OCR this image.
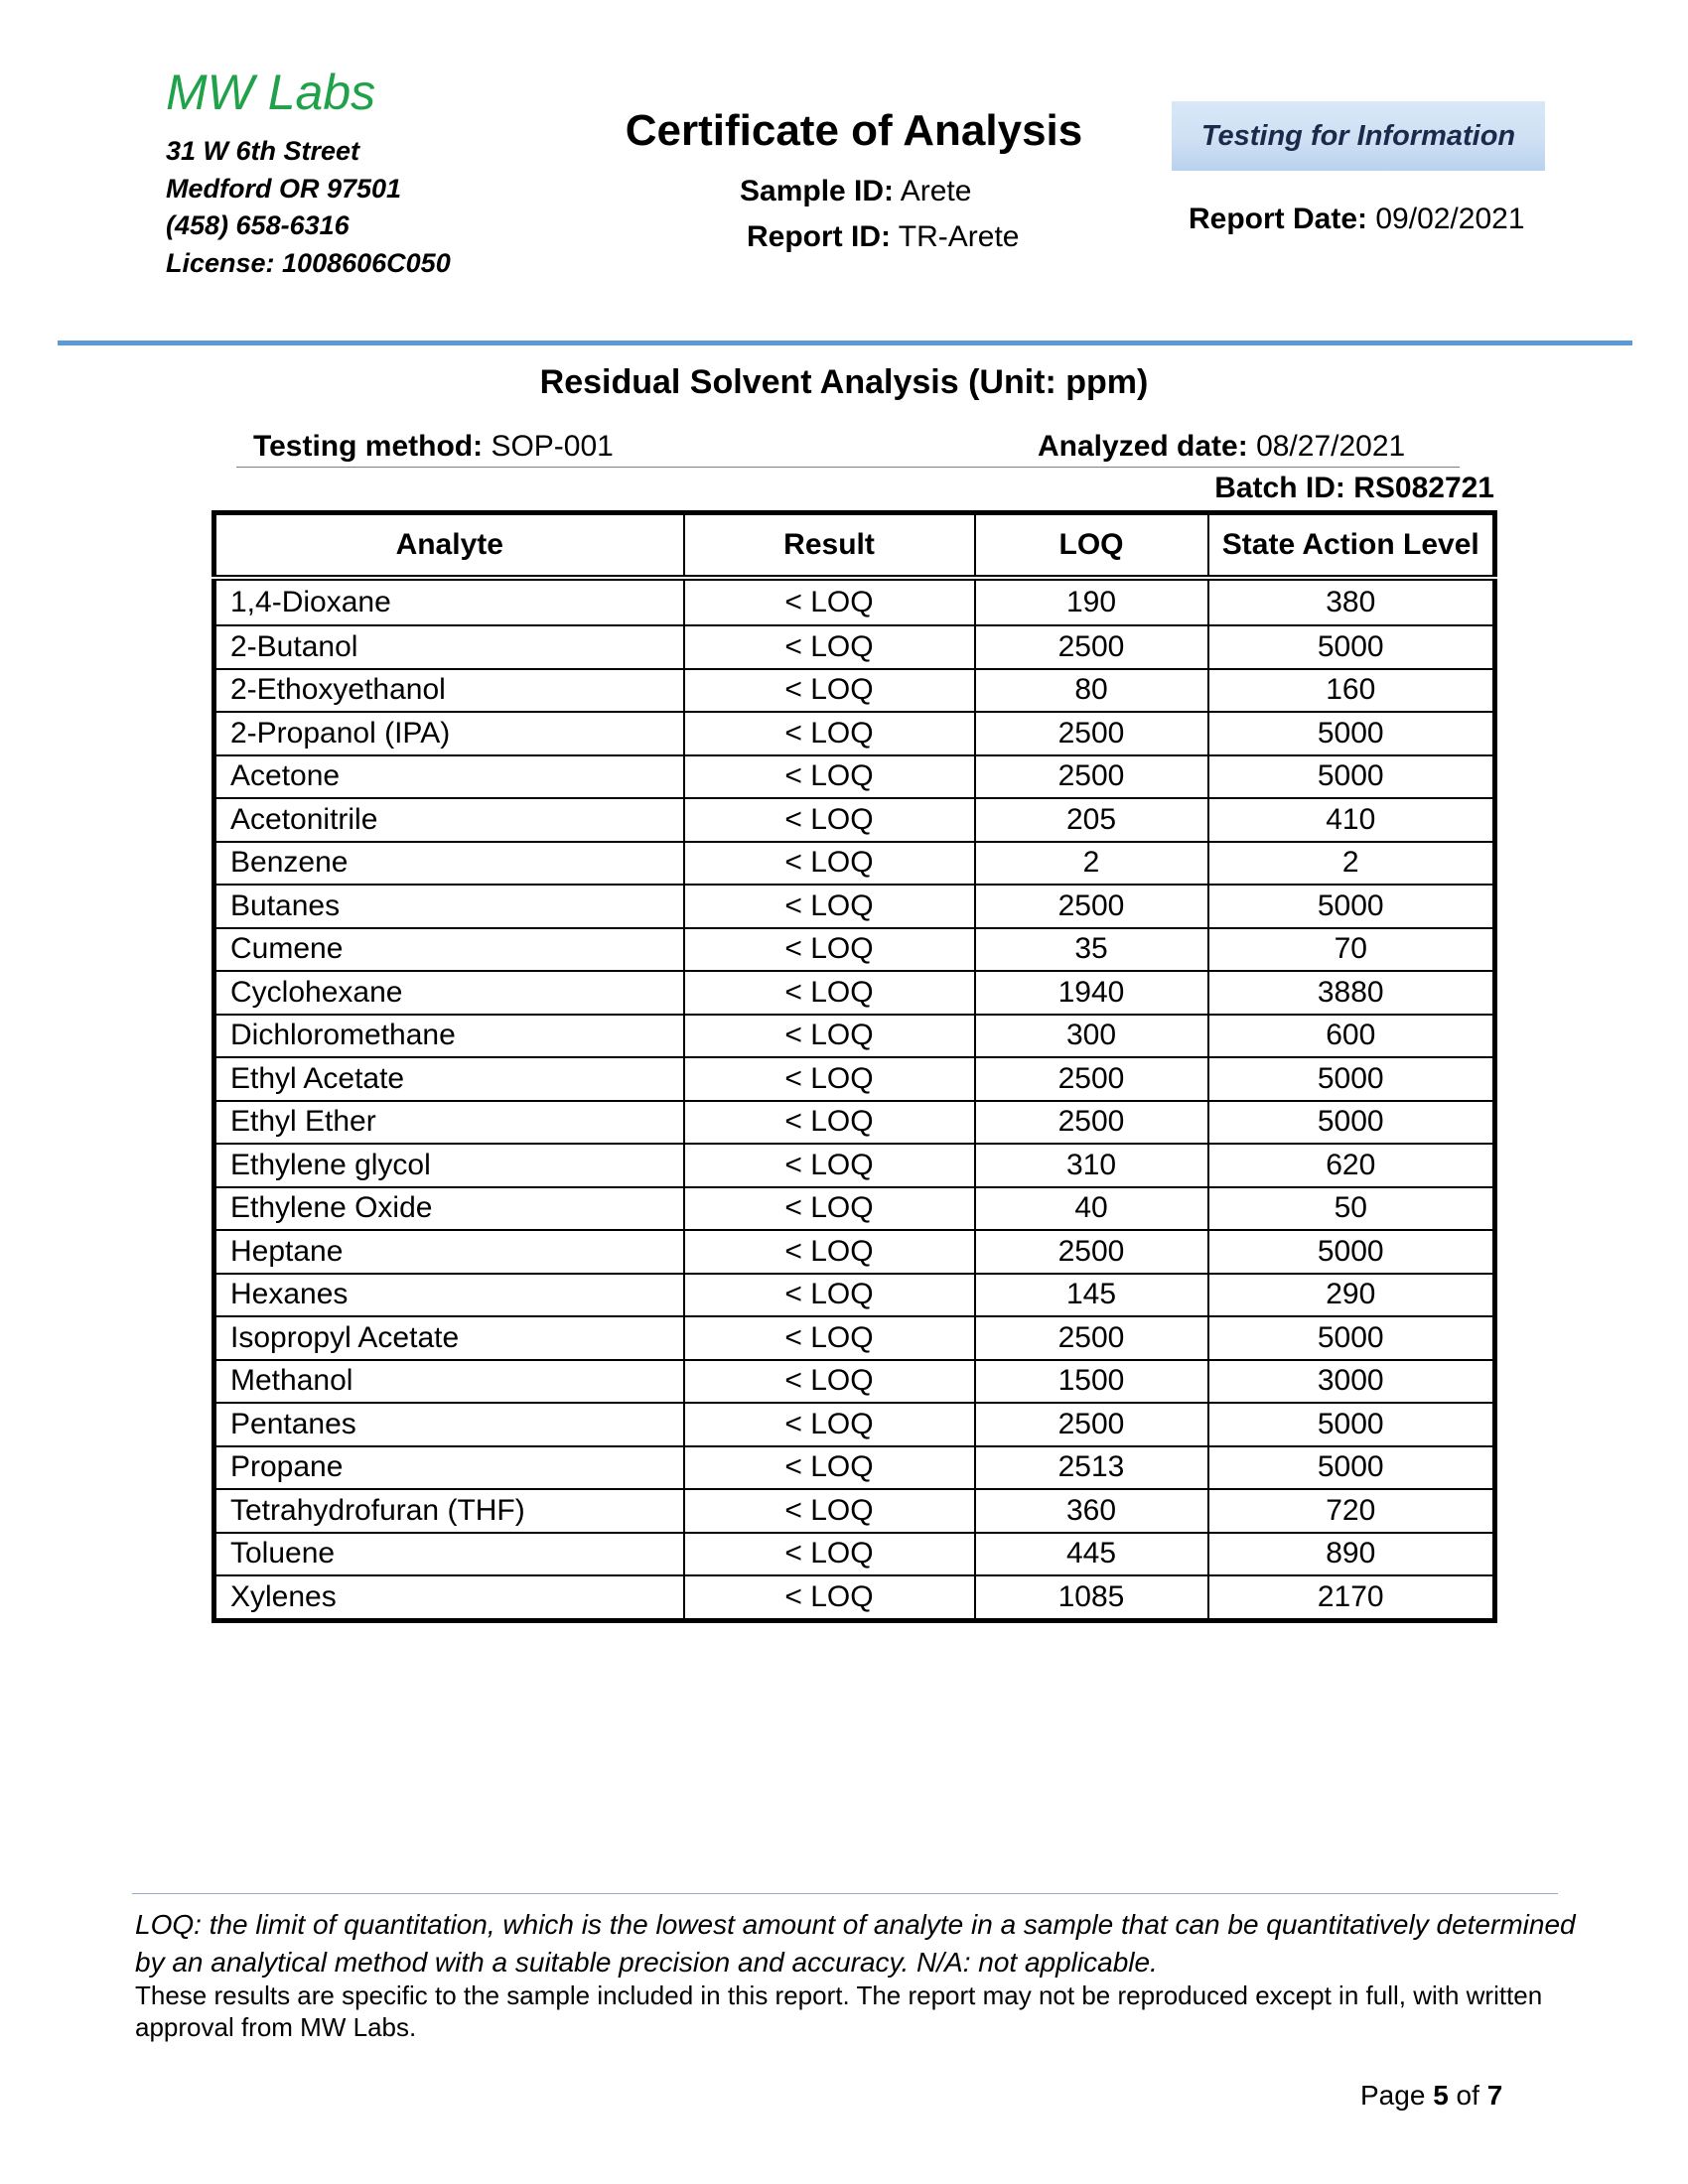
MW Labs
31 W 6th Street
Medford OR 97501
(458) 658-6316
License: 1008606C050
Certificate of Analysis
Sample ID: Arete
Report ID: TR-Arete
Testing for Information
Report Date: 09/02/2021
Residual Solvent Analysis (Unit: ppm)
Testing method: SOP-001	Analyzed date: 08/27/2021
Batch ID: RS082721
Analyte	Result	LOQ	State Action Level
1,4-Dioxane	< LOQ	190	380
2-Butanol	< LOQ	2500	5000
2-Ethoxyethanol	< LOQ	80	160
2-Propanol (IPA)	< LOQ	2500	5000
Acetone	< LOQ	2500	5000
Acetonitrile	< LOQ	205	410
Benzene	< LOQ	2	2
Butanes	< LOQ	2500	5000
Cumene	< LOQ	35	70
Cyclohexane	< LOQ	1940	3880
Dichloromethane	< LOQ	300	600
Ethyl Acetate	< LOQ	2500	5000
Ethyl Ether	< LOQ	2500	5000
Ethylene glycol	< LOQ	310	620
Ethylene Oxide	< LOQ	40	50
Heptane	< LOQ	2500	5000
Hexanes	< LOQ	145	290
Isopropyl Acetate	< LOQ	2500	5000
Methanol	< LOQ	1500	3000
Pentanes	< LOQ	2500	5000
Propane	< LOQ	2513	5000
Tetrahydrofuran (THF)	< LOQ	360	720
Toluene	< LOQ	445	890
Xylenes	< LOQ	1085	2170
LOQ: the limit of quantitation, which is the lowest amount of analyte in a sample that can be quantitatively determined by an analytical method with a suitable precision and accuracy. N/A: not applicable.
These results are specific to the sample included in this report. The report may not be reproduced except in full, with written approval from MW Labs.
Page 5 of 7
